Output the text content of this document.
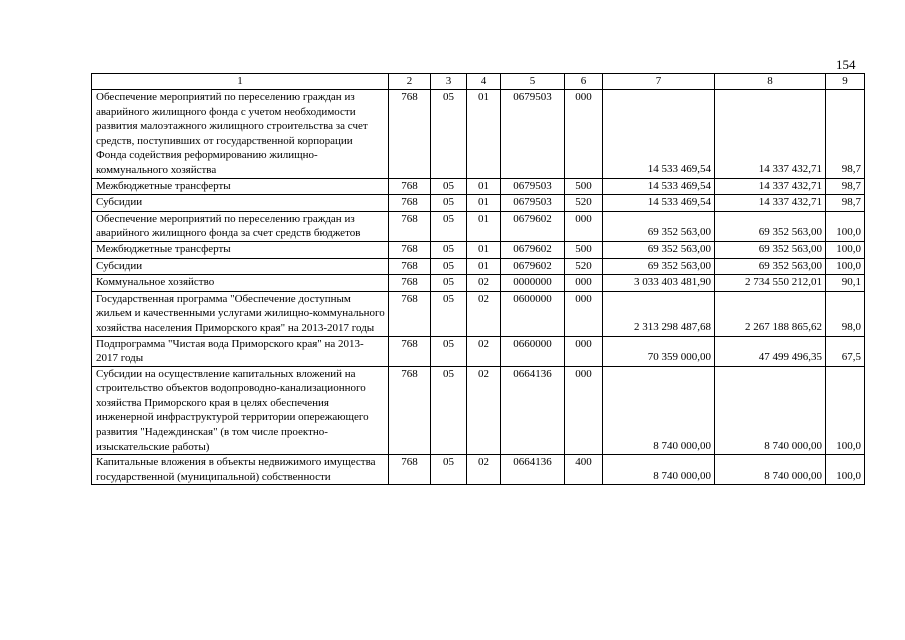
154
1	2	3	4	5	6	7	8	9
Обеспечение мероприятий по переселению граждан из аварийного жилищного фонда с учетом необходимости развития малоэтажного жилищного строительства за счет средств, поступивших от государственной корпорации Фонда содействия реформированию жилищно-коммунального хозяйства	768	05	01	0679503	000	14 533 469,54	14 337 432,71	98,7
Межбюджетные трансферты	768	05	01	0679503	500	14 533 469,54	14 337 432,71	98,7
Субсидии	768	05	01	0679503	520	14 533 469,54	14 337 432,71	98,7
Обеспечение мероприятий по переселению граждан из аварийного жилищного фонда за счет средств бюджетов	768	05	01	0679602	000	69 352 563,00	69 352 563,00	100,0
Межбюджетные трансферты	768	05	01	0679602	500	69 352 563,00	69 352 563,00	100,0
Субсидии	768	05	01	0679602	520	69 352 563,00	69 352 563,00	100,0
Коммунальное хозяйство	768	05	02	0000000	000	3 033 403 481,90	2 734 550 212,01	90,1
Государственная программа "Обеспечение доступным жильем и качественными услугами жилищно-коммунального хозяйства населения Приморского края" на 2013-2017 годы	768	05	02	0600000	000	2 313 298 487,68	2 267 188 865,62	98,0
Подпрограмма "Чистая вода Приморского края" на 2013-2017 годы	768	05	02	0660000	000	70 359 000,00	47 499 496,35	67,5
Субсидии на осуществление капитальных вложений на строительство объектов водопроводно-канализационного хозяйства Приморского края в целях обеспечения инженерной инфраструктурой территории опережающего развития "Надеждинская" (в том числе проектно-изыскательские работы)	768	05	02	0664136	000	8 740 000,00	8 740 000,00	100,0
Капитальные вложения в объекты недвижимого имущества государственной (муниципальной) собственности	768	05	02	0664136	400	8 740 000,00	8 740 000,00	100,0
